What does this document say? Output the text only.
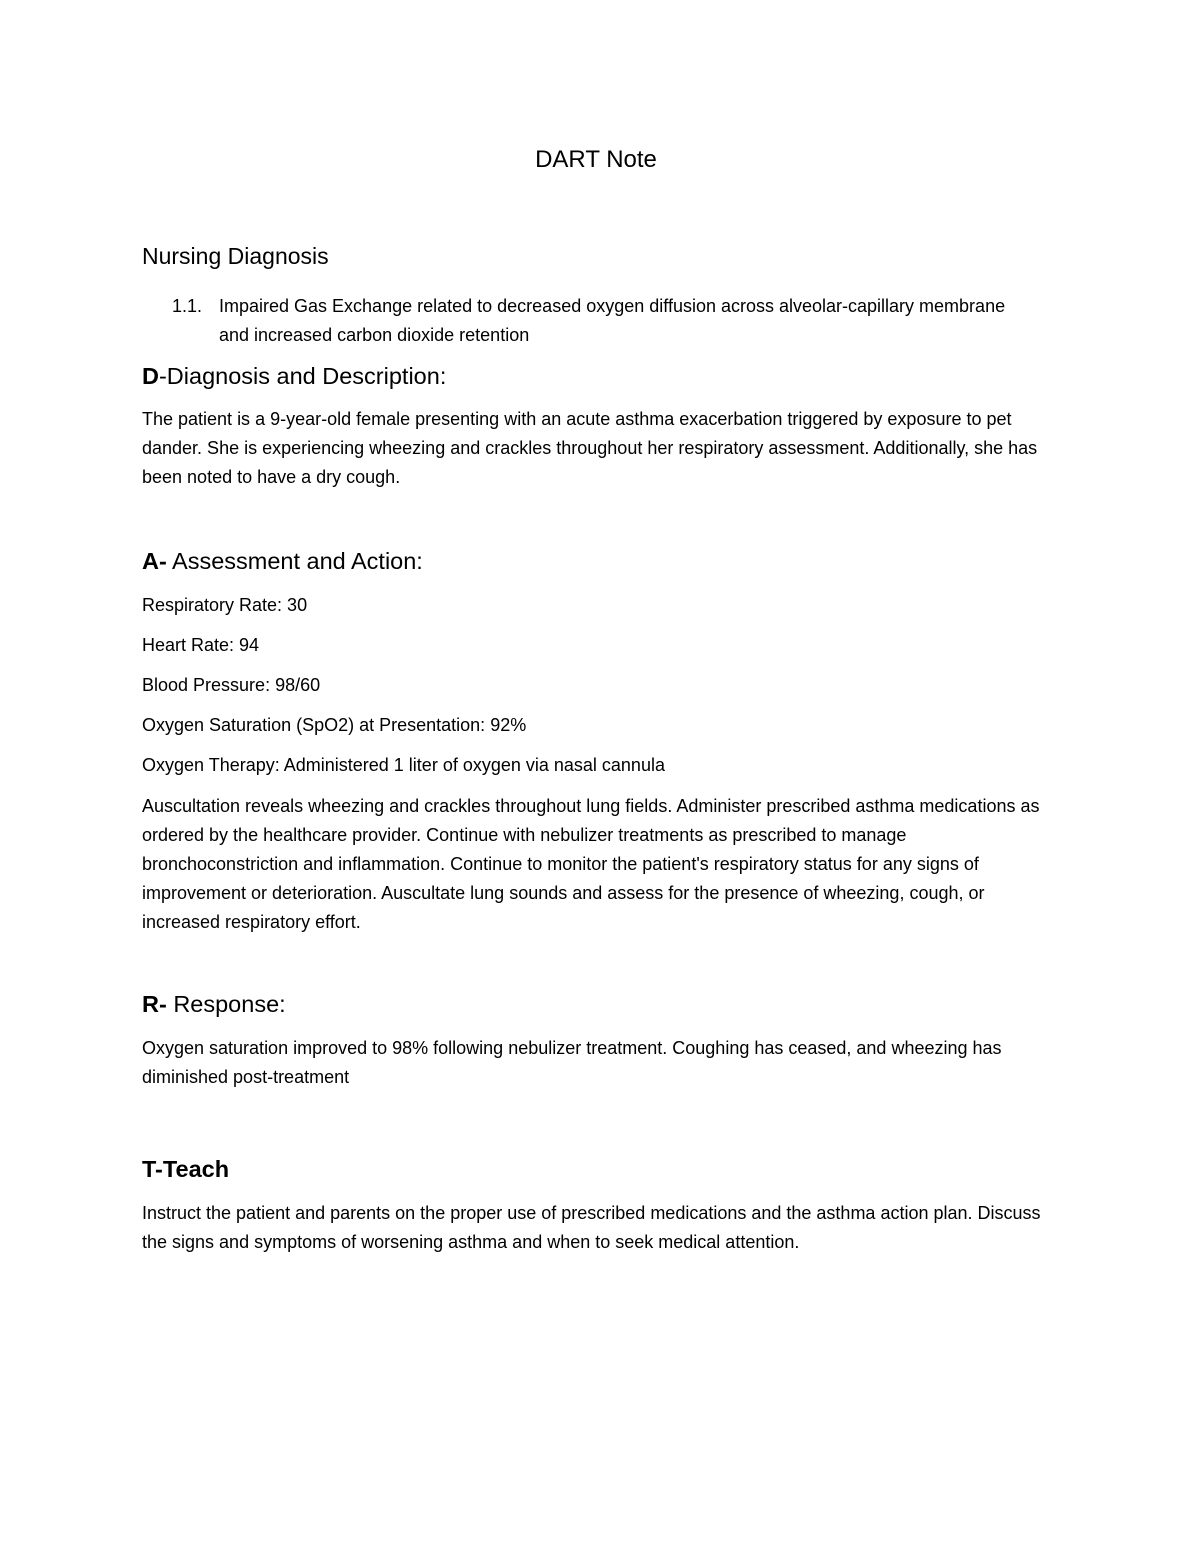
DART Note
Nursing Diagnosis
1.1. Impaired Gas Exchange related to decreased oxygen diffusion across alveolar-capillary membrane and increased carbon dioxide retention
D-Diagnosis and Description:
The patient is a 9-year-old female presenting with an acute asthma exacerbation triggered by exposure to pet dander. She is experiencing wheezing and crackles throughout her respiratory assessment. Additionally, she has been noted to have a dry cough.
A- Assessment and Action:
Respiratory Rate: 30
Heart Rate: 94
Blood Pressure: 98/60
Oxygen Saturation (SpO2) at Presentation: 92%
Oxygen Therapy: Administered 1 liter of oxygen via nasal cannula
Auscultation reveals wheezing and crackles throughout lung fields. Administer prescribed asthma medications as ordered by the healthcare provider. Continue with nebulizer treatments as prescribed to manage bronchoconstriction and inflammation. Continue to monitor the patient's respiratory status for any signs of improvement or deterioration. Auscultate lung sounds and assess for the presence of wheezing, cough, or increased respiratory effort.
R- Response:
Oxygen saturation improved to 98% following nebulizer treatment. Coughing has ceased, and wheezing has diminished post-treatment
T-Teach
Instruct the patient and parents on the proper use of prescribed medications and the asthma action plan. Discuss the signs and symptoms of worsening asthma and when to seek medical attention.
